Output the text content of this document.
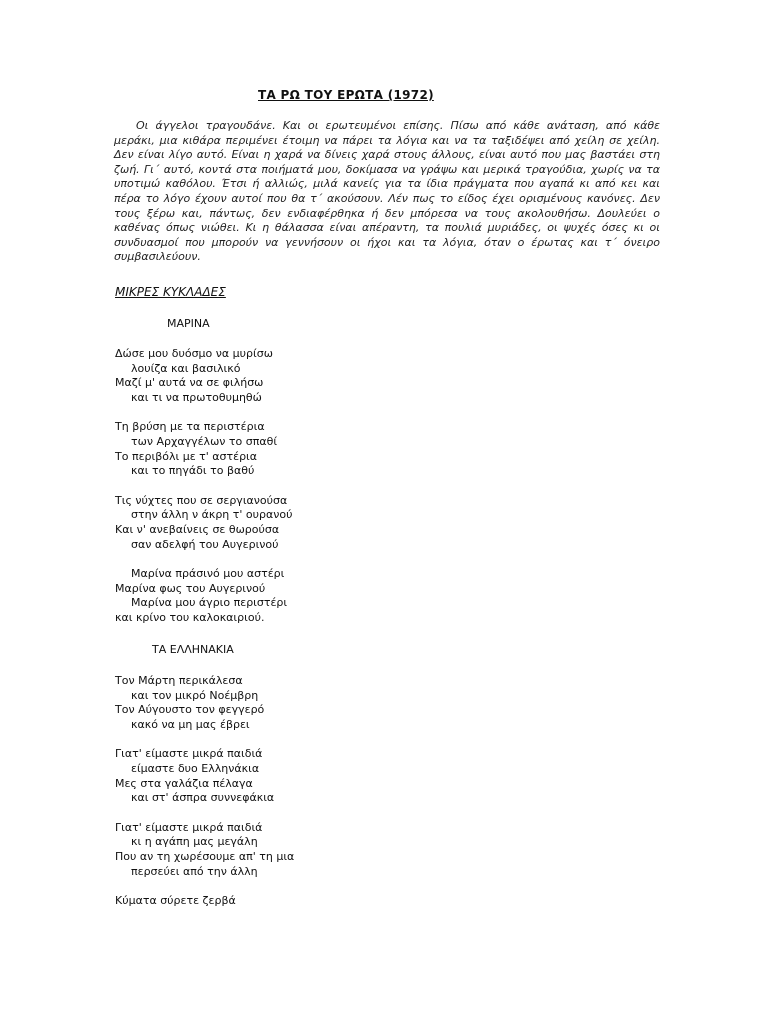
ΤΑ ΡΩ ΤΟΥ ΕΡΩΤΑ (1972)
Οι άγγελοι τραγουδάνε. Και οι ερωτευμένοι επίσης. Πίσω από κάθε ανάταση, από κάθε μεράκι, μια κιθάρα περιμένει έτοιμη να πάρει τα λόγια και να τα ταξιδέψει από χείλη σε χείλη. Δεν είναι λίγο αυτό. Είναι η χαρά να δίνεις χαρά στους άλλους, είναι αυτό που μας βαστάει στη ζωή. Γι΄ αυτό, κοντά στα ποιήματά μου, δοκίμασα να γράψω και μερικά τραγούδια, χωρίς να τα υποτιμώ καθόλου. Έτσι ή αλλιώς, μιλά κανείς για τα ίδια πράγματα που αγαπά κι από κει και πέρα το λόγο έχουν αυτοί που θα τ΄ ακούσουν. Λέν πως το είδος έχει ορισμένους κανόνες. Δεν τους ξέρω και, πάντως, δεν ενδιαφέρθηκα ή δεν μπόρεσα να τους ακολουθήσω. Δουλεύει ο καθένας όπως νιώθει. Κι η θάλασσα είναι απέραντη, τα πουλιά μυριάδες, οι ψυχές όσες κι οι συνδυασμοί που μπορούν να γεννήσουν οι ήχοι και τα λόγια, όταν ο έρωτας και τ΄ όνειρο συμβασιλεύουν.
ΜΙΚΡΕΣ ΚΥΚΛΑΔΕΣ
ΜΑΡΙΝΑ
Δώσε μου δυόσμο να μυρίσω
λουίζα και βασιλικό
Μαζί μ' αυτά να σε φιλήσω
και τι να πρωτοθυμηθώ
Τη βρύση με τα περιστέρια
των Αρχαγγέλων το σπαθί
Το περιβόλι με τ' αστέρια
και το πηγάδι το βαθύ
Τις νύχτες που σε σεργιανούσα
στην άλλη ν άκρη τ' ουρανού
Και ν' ανεβαίνεις σε θωρούσα
σαν αδελφή του Αυγερινού
Μαρίνα πράσινό μου αστέρι
Μαρίνα φως του Αυγερινού
Μαρίνα μου άγριο περιστέρι
και κρίνο του καλοκαιριού.
ΤΑ ΕΛΛΗΝΑΚΙΑ
Τον Μάρτη περικάλεσα
και τον μικρό Νοέμβρη
Τον Αύγουστο τον φεγγερό
κακό να μη μας έβρει
Γιατ' είμαστε μικρά παιδιά
είμαστε δυο Ελληνάκια
Μες στα γαλάζια πέλαγα
και στ' άσπρα συννεφάκια
Γιατ' είμαστε μικρά παιδιά
κι η αγάπη μας μεγάλη
Που αν τη χωρέσουμε απ' τη μια
περσεύει από την άλλη
Κύματα σύρετε ζερβά
